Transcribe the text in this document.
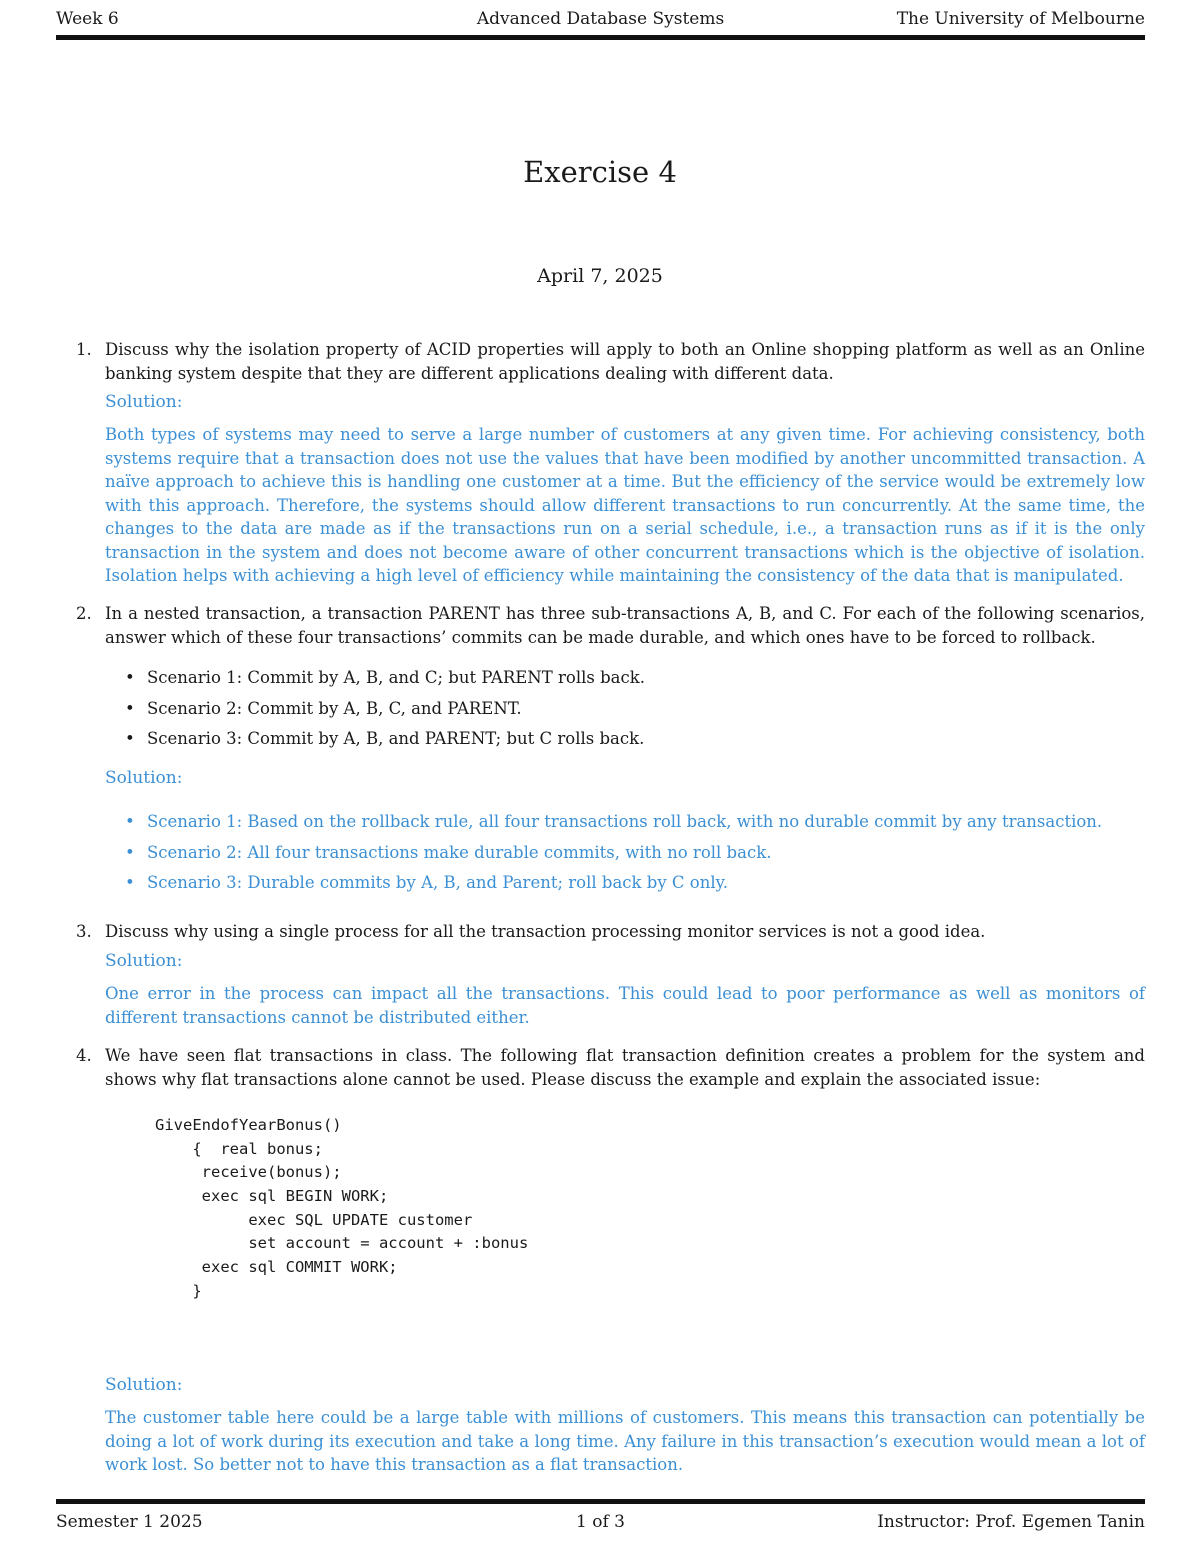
Advanced Database Systems
Week 6	The University of Melbourne
Exercise 4
April 7, 2025
1. Discuss why the isolation property of ACID properties will apply to both an Online shopping platform as well as an Online banking system despite that they are different applications dealing with different data.
Solution:
Both types of systems may need to serve a large number of customers at any given time. For achieving consistency, both systems require that a transaction does not use the values that have been modified by another uncommitted transaction. A naïve approach to achieve this is handling one customer at a time. But the efficiency of the service would be extremely low with this approach. Therefore, the systems should allow different transactions to run concurrently. At the same time, the changes to the data are made as if the transactions run on a serial schedule, i.e., a transaction runs as if it is the only transaction in the system and does not become aware of other concurrent transactions which is the objective of isolation. Isolation helps with achieving a high level of efficiency while maintaining the consistency of the data that is manipulated.
2. In a nested transaction, a transaction PARENT has three sub-transactions A, B, and C. For each of the following scenarios, answer which of these four transactions’ commits can be made durable, and which ones have to be forced to rollback.
• Scenario 1: Commit by A, B, and C; but PARENT rolls back.
• Scenario 2: Commit by A, B, C, and PARENT.
• Scenario 3: Commit by A, B, and PARENT; but C rolls back.
Solution:
• Scenario 1: Based on the rollback rule, all four transactions roll back, with no durable commit by any transaction.
• Scenario 2: All four transactions make durable commits, with no roll back.
• Scenario 3: Durable commits by A, B, and Parent; roll back by C only.
3. Discuss why using a single process for all the transaction processing monitor services is not a good idea.
Solution:
One error in the process can impact all the transactions. This could lead to poor performance as well as monitors of different transactions cannot be distributed either.
4. We have seen flat transactions in class. The following flat transaction definition creates a problem for the system and shows why flat transactions alone cannot be used. Please discuss the example and explain the associated issue:
GiveEndofYearBonus()
{  real bonus;
receive(bonus);
exec sql BEGIN WORK;
exec SQL UPDATE customer
set account = account + :bonus
exec sql COMMIT WORK;
}
Solution:
The customer table here could be a large table with millions of customers. This means this transaction can potentially be doing a lot of work during its execution and take a long time. Any failure in this transaction’s execution would mean a lot of work lost. So better not to have this transaction as a flat transaction.
1 of 3
Semester 1 2025	Instructor: Prof. Egemen Tanin
